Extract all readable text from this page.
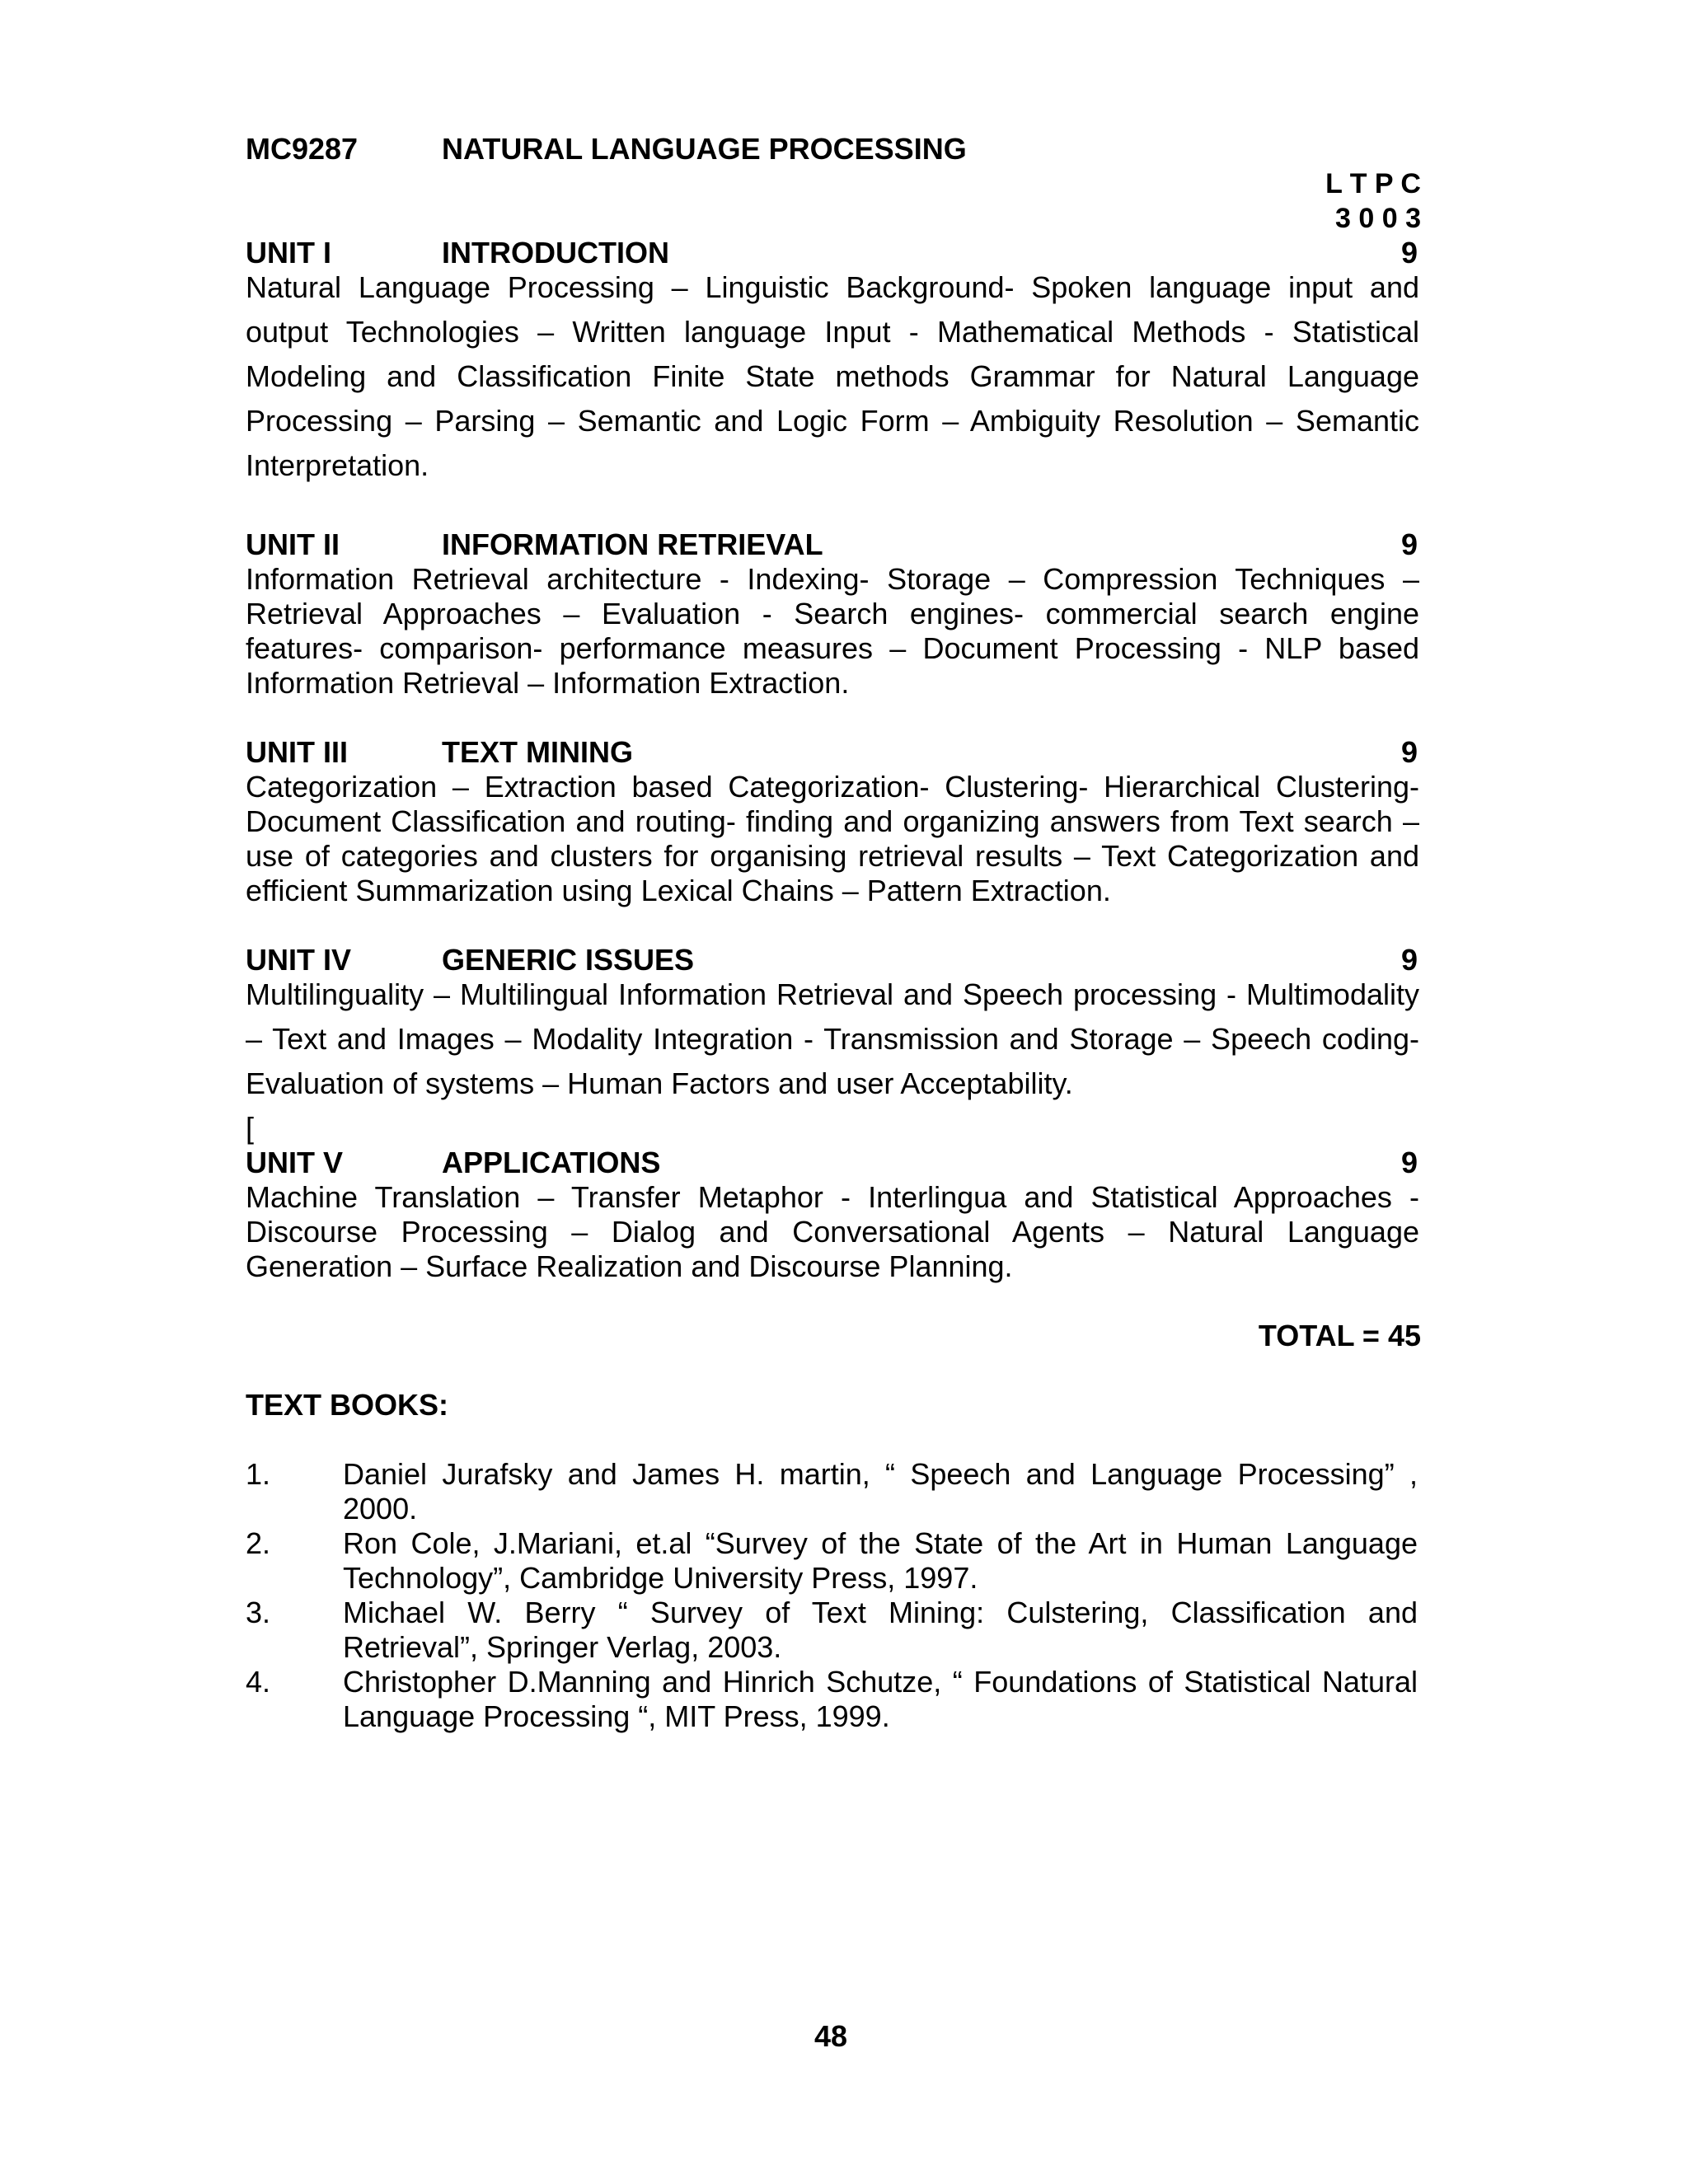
MC9287	NATURAL LANGUAGE PROCESSING
L T P C
3 0 0 3
UNIT I	INTRODUCTION	9
Natural Language Processing – Linguistic Background- Spoken language input and output Technologies – Written language Input - Mathematical Methods - Statistical Modeling and Classification Finite State methods Grammar for Natural Language Processing – Parsing – Semantic and Logic Form – Ambiguity Resolution – Semantic Interpretation.
UNIT II	INFORMATION RETRIEVAL	9
Information Retrieval architecture - Indexing- Storage – Compression Techniques – Retrieval Approaches – Evaluation - Search engines- commercial search engine features- comparison- performance measures – Document Processing - NLP based Information Retrieval – Information Extraction.
UNIT III	TEXT MINING	9
Categorization – Extraction based Categorization- Clustering- Hierarchical Clustering- Document Classification and routing- finding and organizing answers from Text search – use of categories and clusters for organising retrieval results – Text Categorization and efficient Summarization using Lexical Chains – Pattern Extraction.
UNIT IV	GENERIC ISSUES	9
Multilinguality – Multilingual Information Retrieval and Speech processing - Multimodality – Text and Images – Modality Integration - Transmission and Storage – Speech coding- Evaluation of systems – Human Factors and user Acceptability.
[
UNIT V	APPLICATIONS	9
Machine Translation – Transfer Metaphor - Interlingua and Statistical Approaches - Discourse Processing – Dialog and Conversational Agents – Natural Language Generation – Surface Realization and Discourse Planning.
TOTAL = 45
TEXT BOOKS:
1. Daniel Jurafsky and James H. martin, “ Speech and Language Processing” , 2000.
2. Ron Cole, J.Mariani, et.al “Survey of the State of the Art in Human Language Technology”, Cambridge University Press, 1997.
3. Michael W. Berry “ Survey of Text Mining: Culstering, Classification and Retrieval”, Springer Verlag, 2003.
4. Christopher D.Manning and Hinrich Schutze, “ Foundations of Statistical Natural Language Processing “, MIT Press, 1999.
48
